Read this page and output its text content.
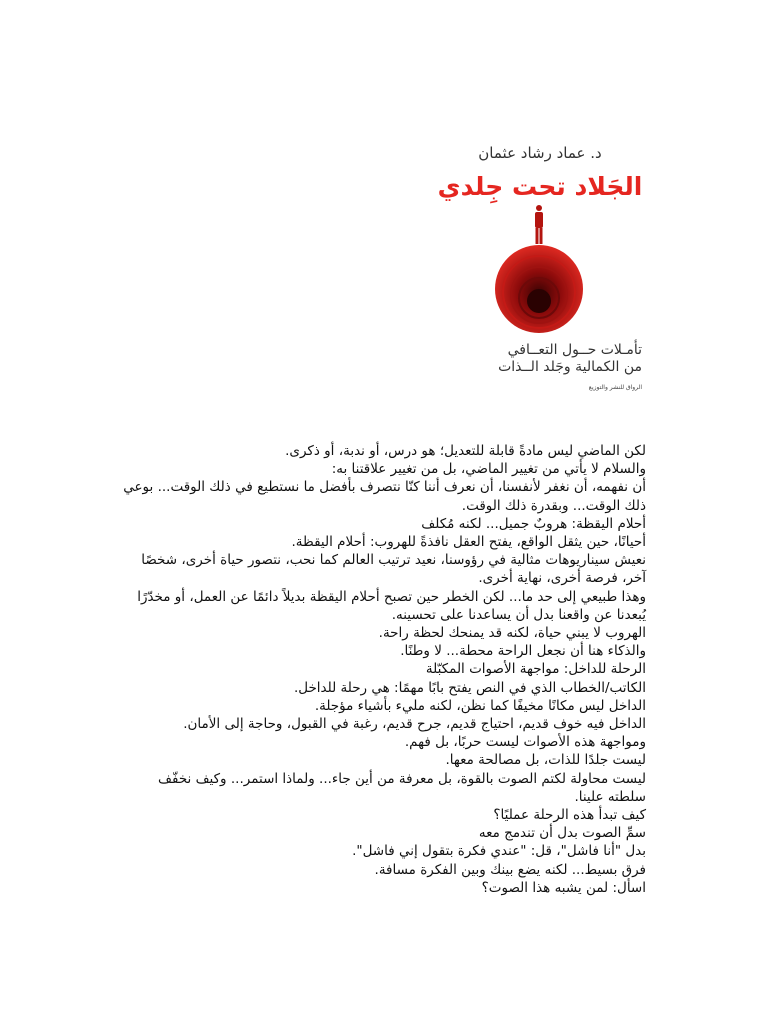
د. عماد رشاد عثمان
الجَلاد تحت جِلدي
تأمـلات حــول التعــافي
من الكمالية وجَلد الــذات
الرواق للنشر والتوزيع

لكن الماضي ليس مادةً قابلة للتعديل؛ هو درس، أو ندبة، أو ذكرى.

والسلام لا يأتي من تغيير الماضي، بل من تغيير علاقتنا به:

أن نفهمه، أن نغفر لأنفسنا، أن نعرف أننا كنّا نتصرف بأفضل ما نستطيع في ذلك الوقت... بوعي ذلك الوقت... وبقدرة ذلك الوقت.

أحلام اليقظة: هروبٌ جميل... لكنه مُكلف

أحيانًا، حين يثقل الواقع، يفتح العقل نافذةً للهروب: أحلام اليقظة.

نعيش سيناريوهات مثالية في رؤوسنا، نعيد ترتيب العالم كما نحب، نتصور حياة أخرى، شخصًا آخر، فرصة أخرى، نهاية أخرى.

وهذا طبيعي إلى حد ما... لكن الخطر حين تصبح أحلام اليقظة بديلاً دائمًا عن العمل، أو مخدّرًا يُبعدنا عن واقعنا بدل أن يساعدنا على تحسينه.

الهروب لا يبني حياة، لكنه قد يمنحك لحظة راحة.

والذكاء هنا أن نجعل الراحة محطة... لا وطنًا.

الرحلة للداخل: مواجهة الأصوات المكبّلة

الكاتب/الخطاب الذي في النص يفتح بابًا مهمًا: هي رحلة للداخل.

الداخل ليس مكانًا مخيفًا كما نظن، لكنه مليء بأشياء مؤجلة.

الداخل فيه خوف قديم، احتياج قديم، جرح قديم، رغبة في القبول، وحاجة إلى الأمان.

ومواجهة هذه الأصوات ليست حربًا، بل فهم.

ليست جلدًا للذات، بل مصالحة معها.

ليست محاولة لكتم الصوت بالقوة، بل معرفة من أين جاء... ولماذا استمر... وكيف نخفّف سلطته علينا.

كيف تبدأ هذه الرحلة عمليًا؟

سمِّ الصوت بدل أن تندمج معه

بدل "أنا فاشل"، قل: "عندي فكرة بتقول إني فاشل".

فرق بسيط... لكنه يضع بينك وبين الفكرة مسافة.

اسأل: لمن يشبه هذا الصوت؟
